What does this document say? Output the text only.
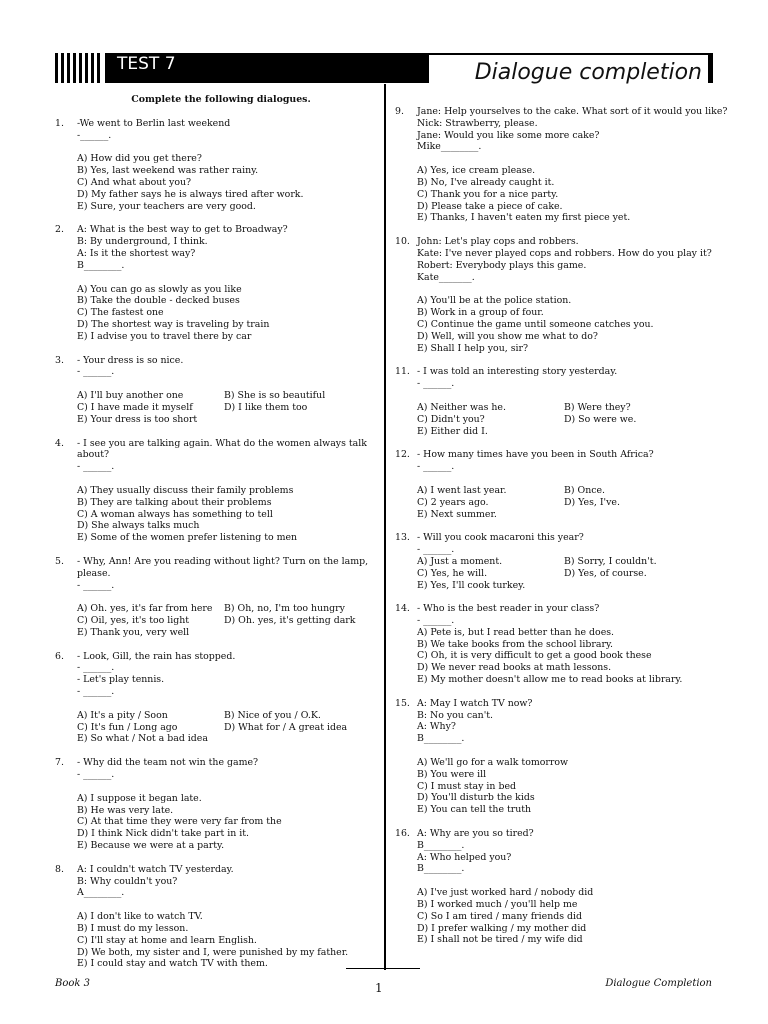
TEST 7	Dialogue completion
Complete the following dialogues.
1. -We went to Berlin last weekend
-______.
A) How did you get there?
B) Yes, last weekend was rather rainy.
C) And what about you?
D) My father says he is always tired after work.
E) Sure, your teachers are very good.
2. A: What is the best way to get to Broadway?
B: By underground, I think.
A: Is it the shortest way?
B________.
A) You can go as slowly as you like
B) Take the double - decked buses
C) The fastest one
D) The shortest way is traveling by train
E) I advise you to travel there by car
3. - Your dress is so nice.
- ______.
A) I'll buy another one	B) She is so beautiful
C) I have made it myself	D) I like them too
E) Your dress is too short
4. - I see you are talking again. What do the women always talk
about?
- ______.
A) They usually discuss their family problems
B) They are talking about their problems
C) A woman always has something to tell
D) She always talks much
E) Some of the women prefer listening to men
5. - Why, Ann! Are you reading without light? Turn on the lamp,
please.
- ______.
A) Oh. yes, it's far from here	B) Oh, no, I'm too hungry
C) Oil, yes, it's too light	D) Oh. yes, it's getting dark
E) Thank you, very well
6. - Look, Gill, the rain has stopped.
- ______.
- Let's play tennis.
- ______.
A) It's a pity / Soon	B) Nice of you / O.K.
C) It's fun / Long ago	D) What for / A great idea
E) So what / Not a bad idea
7. - Why did the team not win the game?
- ______.
A) I suppose it began late.
B) He was very late.
C) At that time they were very far from the
D) I think Nick didn't take part in it.
E) Because we were at a party.
8. A: I couldn't watch TV yesterday.
B: Why couldn't you?
A________.
A) I don't like to watch TV.
B) I must do my lesson.
C) I'll stay at home and learn English.
D) We both, my sister and I, were punished by my father.
E) I could stay and watch TV with them.
9. Jane: Help yourselves to the cake. What sort of it would you like?
Nick: Strawberry, please.
Jane: Would you like some more cake?
Mike________.
A) Yes, ice cream please.
B) No, I've already caught it.
C) Thank you for a nice party.
D) Please take a piece of cake.
E) Thanks, I haven't eaten my first piece yet.
10. John: Let's play cops and robbers.
Kate: I've never played cops and robbers. How do you play it?
Robert: Everybody plays this game.
Kate_______.
A) You'll be at the police station.
B) Work in a group of four.
C) Continue the game until someone catches you.
D) Well, will you show me what to do?
E) Shall I help you, sir?
11. - I was told an interesting story yesterday.
- ______.
A) Neither was he.	B) Were they?
C) Didn't you?	D) So were we.
E) Either did I.
12. - How many times have you been in South Africa?
- ______.
A) I went last year.	B) Once.
C) 2 years ago.	D) Yes, I've.
E) Next summer.
13. - Will you cook macaroni this year?
- ______.
A) Just a moment.	B) Sorry, I couldn't.
C) Yes, he will.	D) Yes, of course.
E) Yes, I'll cook turkey.
14. - Who is the best reader in your class?
- ______.
A) Pete is, but I read better than he does.
B) We take books from the school library.
C) Oh, it is very difficult to get a good book these
D) We never read books at math lessons.
E) My mother doesn't allow me to read books at library.
15. A: May I watch TV now?
B: No you can't.
A: Why?
B________.
A) We'll go for a walk tomorrow
B) You were ill
C) I must stay in bed
D) You'll disturb the kids
E) You can tell the truth
16. A: Why are you so tired?
B________.
A: Who helped you?
B________.
A) I've just worked hard / nobody did
B) I worked much / you'll help me
C) So I am tired / many friends did
D) I prefer walking / my mother did
E) I shall not be tired / my wife did
Book 3	1	Dialogue Completion
